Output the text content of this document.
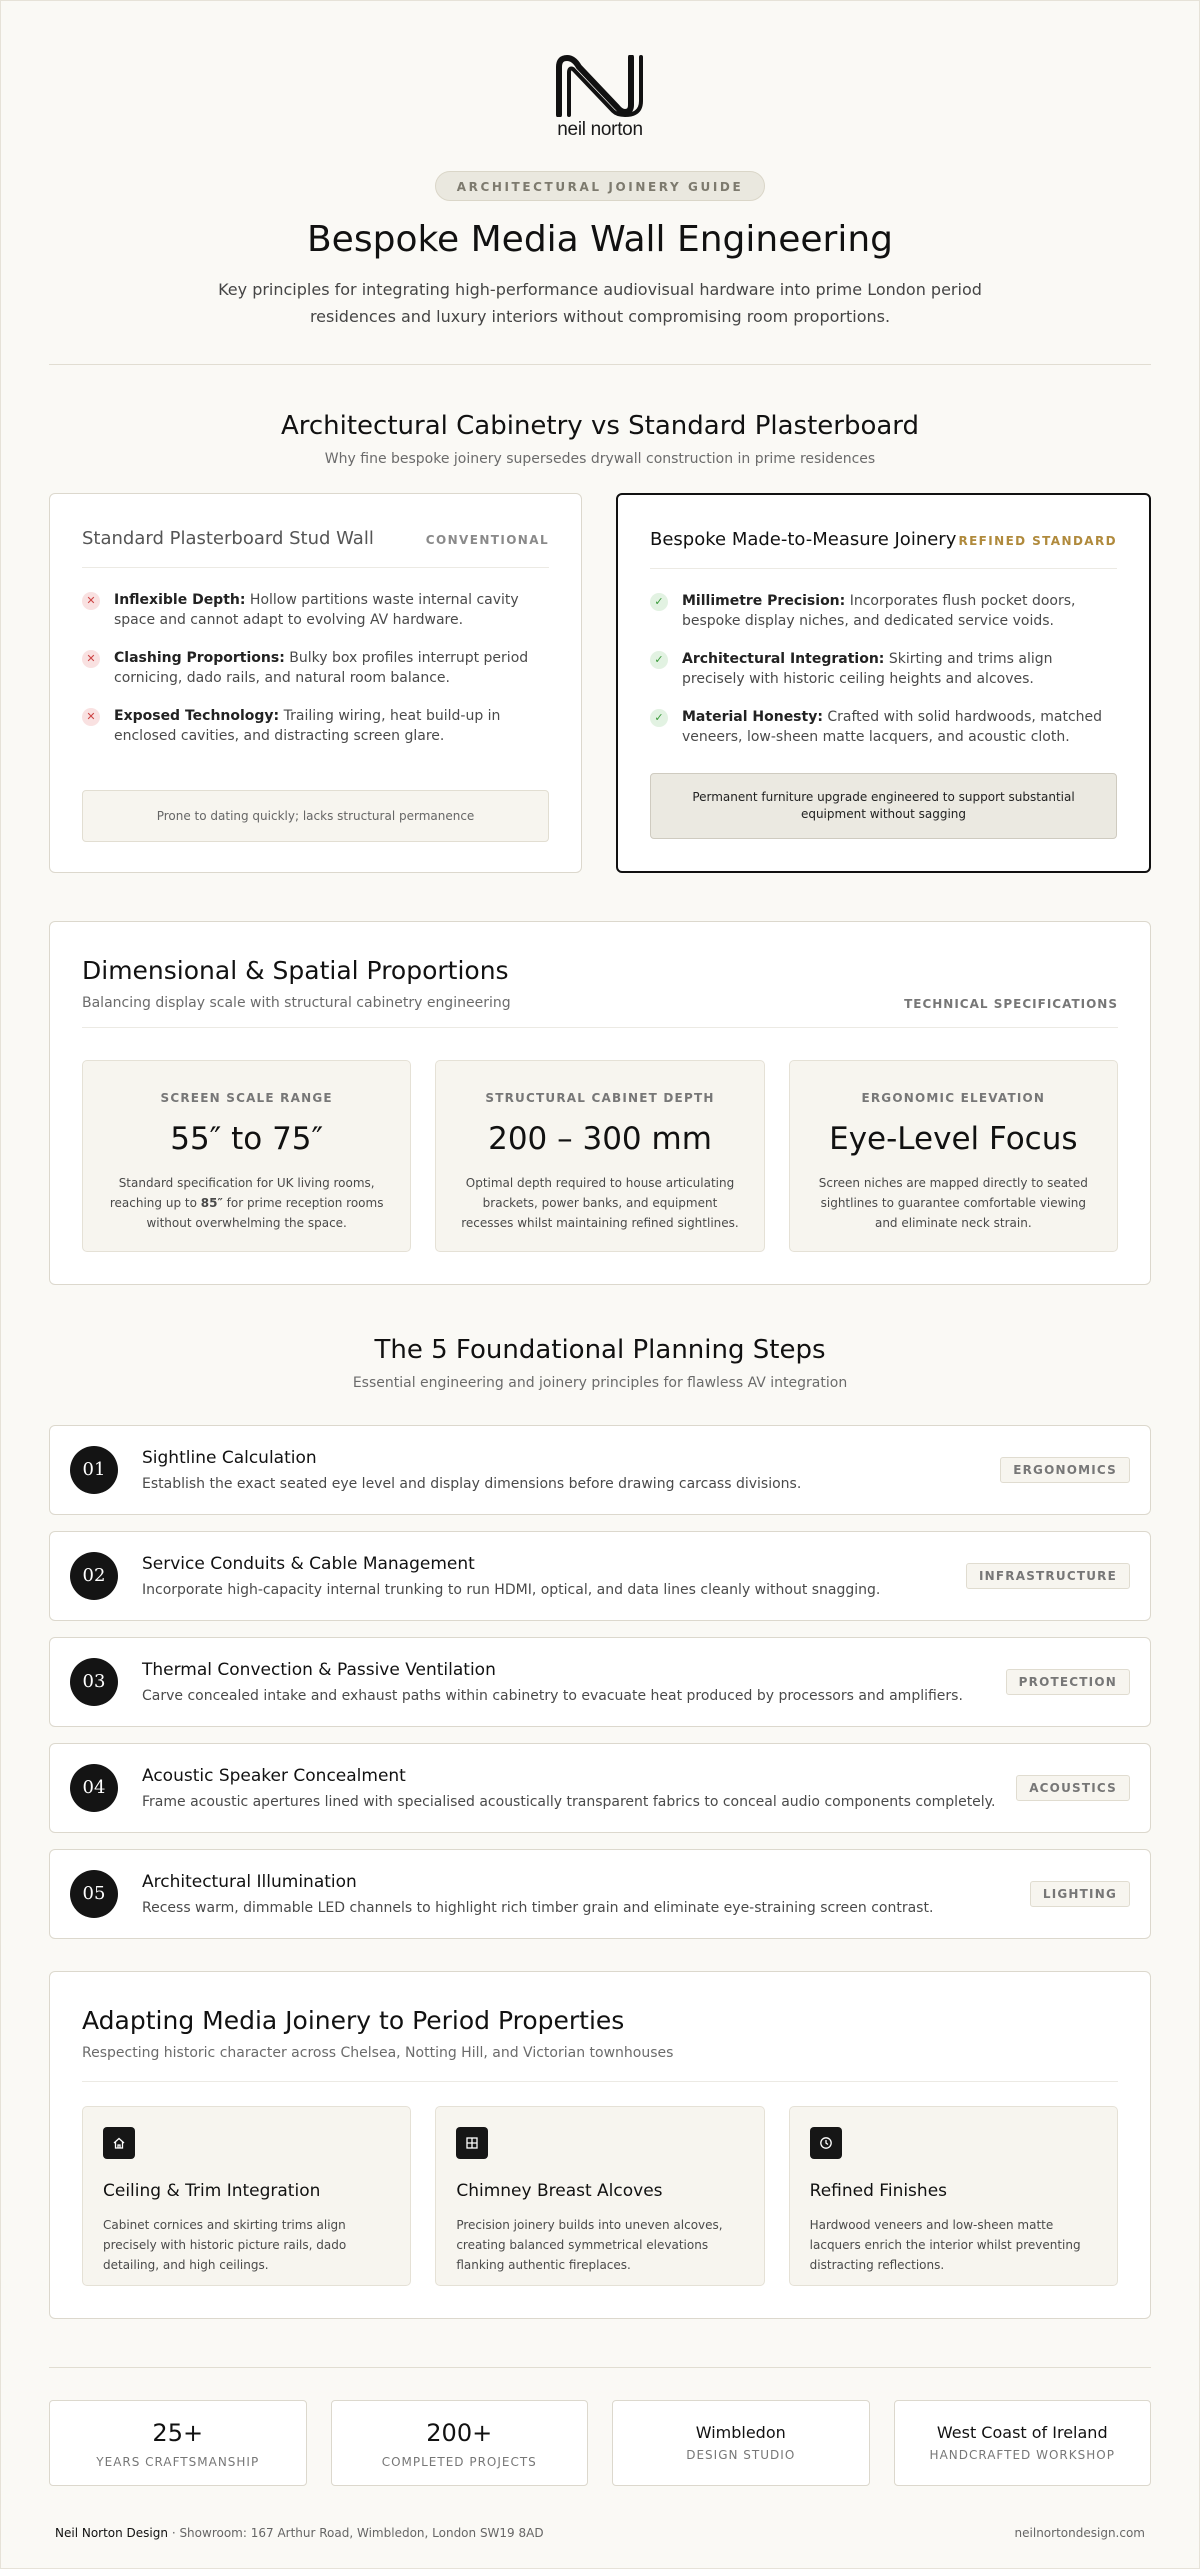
neil norton
ARCHITECTURAL JOINERY GUIDE
Bespoke Media Wall Engineering

Key principles for integrating high-performance audiovisual hardware into prime London period residences and luxury interiors without compromising room proportions.

Architectural Cabinetry vs Standard Plasterboard

Why fine bespoke joinery supersedes drywall construction in prime residences

Standard Plasterboard Stud Wall	CONVENTIONAL
✕	Inflexible Depth: Hollow partitions waste internal cavity space and cannot adapt to evolving AV hardware.
✕	Clashing Proportions: Bulky box profiles interrupt period cornicing, dado rails, and natural room balance.
✕	Exposed Technology: Trailing wiring, heat build-up in enclosed cavities, and distracting screen glare.
Prone to dating quickly; lacks structural permanence
Bespoke Made-to-Measure Joinery REFINED STANDARD
✓	Millimetre Precision: Incorporates flush pocket doors, bespoke display niches, and dedicated service voids.
✓	Architectural Integration: Skirting and trims align precisely with historic ceiling heights and alcoves.
✓	Material Honesty: Crafted with solid hardwoods, matched veneers, low-sheen matte lacquers, and acoustic cloth.
Permanent furniture upgrade engineered to support substantial equipment without sagging
Dimensional & Spatial Proportions
Balancing display scale with structural cabinetry engineering	TECHNICAL SPECIFICATIONS
SCREEN SCALE RANGE
55″ to 75″
Standard specification for UK living rooms, reaching up to 85″ for prime reception rooms without overwhelming the space.
STRUCTURAL CABINET DEPTH
200 – 300 mm
Optimal depth required to house articulating brackets, power banks, and equipment recesses whilst maintaining refined sightlines.
ERGONOMIC ELEVATION
Eye-Level Focus
Screen niches are mapped directly to seated sightlines to guarantee comfortable viewing and eliminate neck strain.
The 5 Foundational Planning Steps

Essential engineering and joinery principles for flawless AV integration

01
Sightline Calculation
Establish the exact seated eye level and display dimensions before drawing carcass divisions.
ERGONOMICS
02
Service Conduits & Cable Management
Incorporate high-capacity internal trunking to run HDMI, optical, and data lines cleanly without snagging.
INFRASTRUCTURE
03
Thermal Convection & Passive Ventilation
Carve concealed intake and exhaust paths within cabinetry to evacuate heat produced by processors and amplifiers.
PROTECTION
04
Acoustic Speaker Concealment
Frame acoustic apertures lined with specialised acoustically transparent fabrics to conceal audio components completely.
ACOUSTICS
05
Architectural Illumination
Recess warm, dimmable LED channels to highlight rich timber grain and eliminate eye-straining screen contrast.
LIGHTING
Adapting Media Joinery to Period Properties
Respecting historic character across Chelsea, Notting Hill, and Victorian townhouses
Ceiling & Trim Integration
Cabinet cornices and skirting trims align precisely with historic picture rails, dado detailing, and high ceilings.
Chimney Breast Alcoves
Precision joinery builds into uneven alcoves, creating balanced symmetrical elevations flanking authentic fireplaces.
Refined Finishes
Hardwood veneers and low-sheen matte lacquers enrich the interior whilst preventing distracting reflections.
25+
YEARS CRAFTSMANSHIP
200+
COMPLETED PROJECTS
Wimbledon
DESIGN STUDIO
West Coast of Ireland
HANDCRAFTED WORKSHOP
Neil Norton Design · Showroom: 167 Arthur Road, Wimbledon, London SW19 8AD	neilnortondesign.com
